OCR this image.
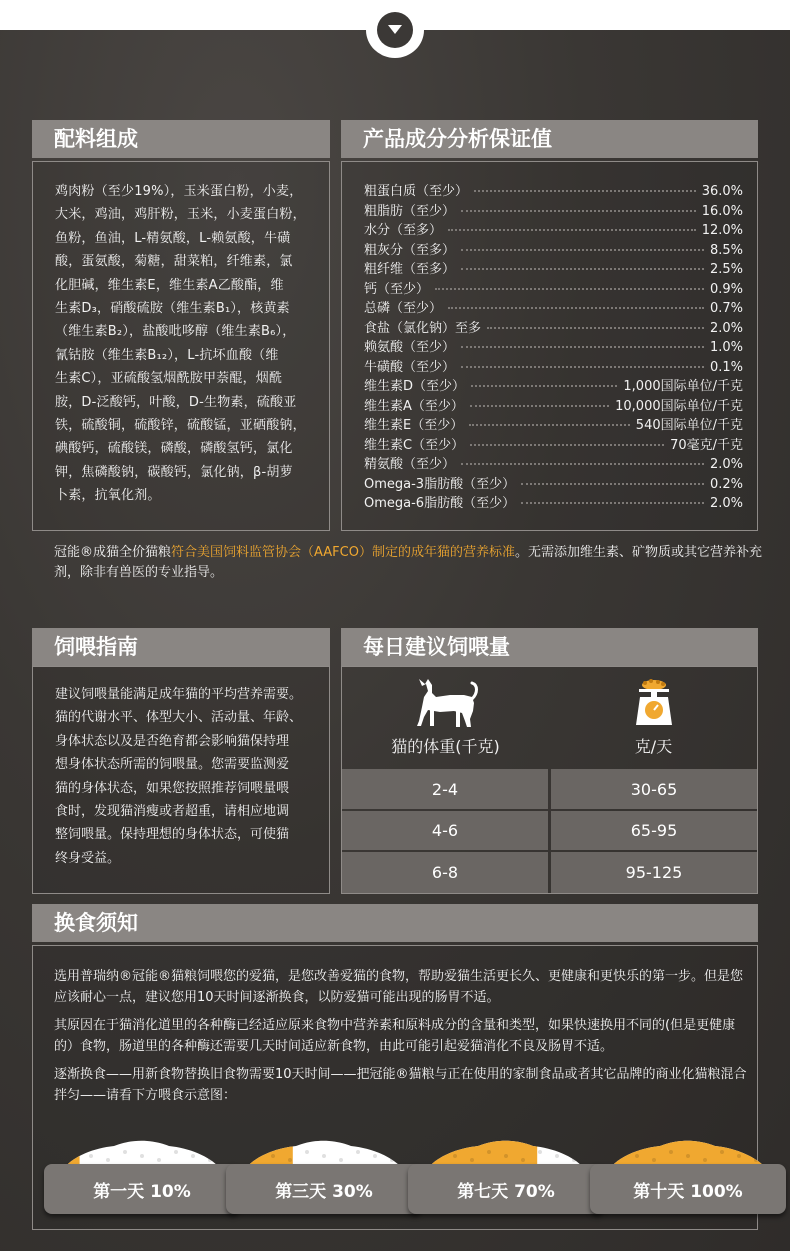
配料组成
鸡肉粉（至少19%），玉米蛋白粉，小麦，
大米，鸡油，鸡肝粉，玉米，小麦蛋白粉，
鱼粉，鱼油，L-精氨酸，L-赖氨酸，牛磺
酸，蛋氨酸，菊糖，甜菜粕，纤维素，氯
化胆碱，维生素E，维生素A乙酸酯，维
生素D₃，硝酸硫胺（维生素B₁），核黄素
（维生素B₂），盐酸吡哆醇（维生素B₆），
氰钴胺（维生素B₁₂），L-抗坏血酸（维
生素C），亚硫酸氢烟酰胺甲萘醌，烟酰
胺，D-泛酸钙，叶酸，D-生物素，硫酸亚
铁，硫酸铜，硫酸锌，硫酸锰，亚硒酸钠，
碘酸钙，硫酸镁，磷酸，磷酸氢钙，氯化
钾，焦磷酸钠，碳酸钙，氯化钠，β-胡萝
卜素，抗氧化剂。
产品成分分析保证值
粗蛋白质（至少）	36.0%
粗脂肪（至少）	16.0%
水分（至多）	12.0%
粗灰分（至多）	8.5%
粗纤维（至多）	2.5%
钙（至少）	0.9%
总磷（至少）	0.7%
食盐（氯化钠）至多	2.0%
赖氨酸（至少）	1.0%
牛磺酸（至少）	0.1%
维生素D（至少）	1,000国际单位/千克
维生素A（至少）	10,000国际单位/千克
维生素E（至少）	540国际单位/千克
维生素C（至少）	70毫克/千克
精氨酸（至少）	2.0%
Omega-3脂肪酸（至少）	0.2%
Omega-6脂肪酸（至少）	2.0%
冠能®成猫全价猫粮符合美国饲料监管协会（AAFCO）制定的成年猫的营养标准。无需添加维生素、矿物质或其它营养补充剂，除非有兽医的专业指导。
饲喂指南
建议饲喂量能满足成年猫的平均营养需要。
猫的代谢水平、体型大小、活动量、年龄、
身体状态以及是否绝育都会影响猫保持理
想身体状态所需的饲喂量。您需要监测爱
猫的身体状态，如果您按照推荐饲喂量喂
食时，发现猫消瘦或者超重，请相应地调
整饲喂量。保持理想的身体状态，可使猫
终身受益。
每日建议饲喂量
猫的体重(千克)	克/天
2-4	30-65
4-6	65-95
6-8	95-125
换食须知
选用普瑞纳®冠能®猫粮饲喂您的爱猫，是您改善爱猫的食物，帮助爱猫生活更长久、更健康和更快乐的第一步。但是您应该耐心一点，建议您用10天时间逐渐换食，以防爱猫可能出现的肠胃不适。
其原因在于猫消化道里的各种酶已经适应原来食物中营养素和原料成分的含量和类型，如果快速换用不同的(但是更健康的）食物，肠道里的各种酶还需要几天时间适应新食物，由此可能引起爱猫消化不良及肠胃不适。
逐渐换食——用新食物替换旧食物需要10天时间——把冠能®猫粮与正在使用的家制食品或者其它品牌的商业化猫粮混合拌匀——请看下方喂食示意图：
第一天 10%	第三天 30%	第七天 70%	第十天 100%
